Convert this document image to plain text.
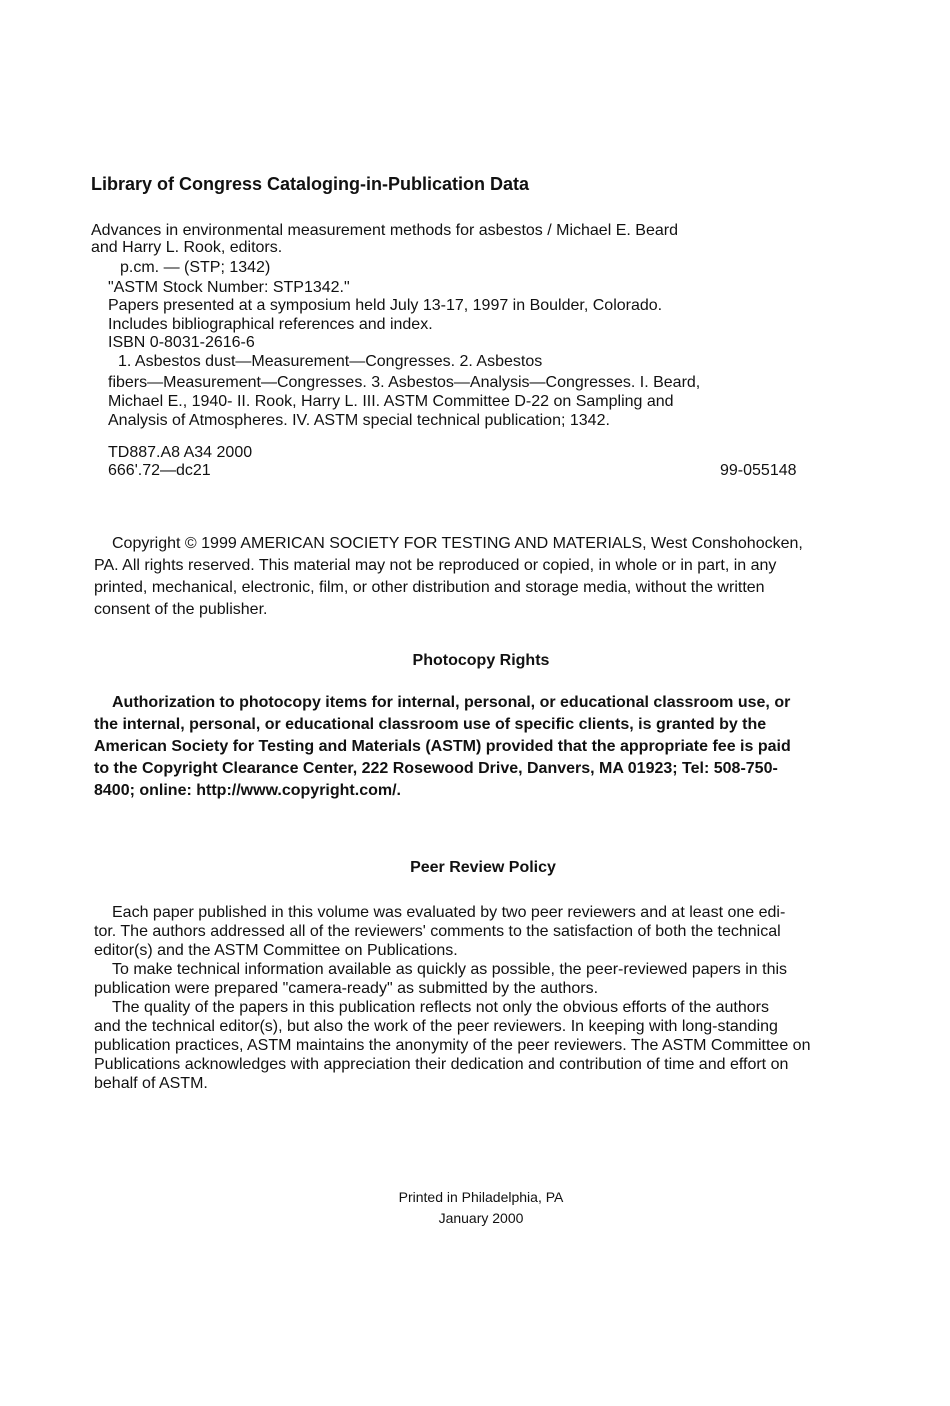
Library of Congress Cataloging-in-Publication Data
Advances in environmental measurement methods for asbestos / Michael E. Beard
and Harry L. Rook, editors.
p.cm. — (STP; 1342)
"ASTM Stock Number: STP1342."
Papers presented at a symposium held July 13-17, 1997 in Boulder, Colorado.
Includes bibliographical references and index.
ISBN 0-8031-2616-6
1. Asbestos dust—Measurement—Congresses. 2. Asbestos
fibers—Measurement—Congresses. 3. Asbestos—Analysis—Congresses. I. Beard,
Michael E., 1940- II. Rook, Harry L. III. ASTM Committee D-22 on Sampling and
Analysis of Atmospheres. IV. ASTM special technical publication; 1342.
TD887.A8 A34 2000
666'.72—dc21	99-055148
Copyright © 1999 AMERICAN SOCIETY FOR TESTING AND MATERIALS, West Conshohocken,
PA. All rights reserved. This material may not be reproduced or copied, in whole or in part, in any
printed, mechanical, electronic, film, or other distribution and storage media, without the written
consent of the publisher.
Photocopy Rights
Authorization to photocopy items for internal, personal, or educational classroom use, or
the internal, personal, or educational classroom use of specific clients, is granted by the
American Society for Testing and Materials (ASTM) provided that the appropriate fee is paid
to the Copyright Clearance Center, 222 Rosewood Drive, Danvers, MA 01923; Tel: 508-750-
8400; online: http://www.copyright.com/.
Peer Review Policy
Each paper published in this volume was evaluated by two peer reviewers and at least one edi-
tor. The authors addressed all of the reviewers' comments to the satisfaction of both the technical
editor(s) and the ASTM Committee on Publications.
To make technical information available as quickly as possible, the peer-reviewed papers in this
publication were prepared "camera-ready" as submitted by the authors.
The quality of the papers in this publication reflects not only the obvious efforts of the authors
and the technical editor(s), but also the work of the peer reviewers. In keeping with long-standing
publication practices, ASTM maintains the anonymity of the peer reviewers. The ASTM Committee on
Publications acknowledges with appreciation their dedication and contribution of time and effort on
behalf of ASTM.
Printed in Philadelphia, PA
January 2000
